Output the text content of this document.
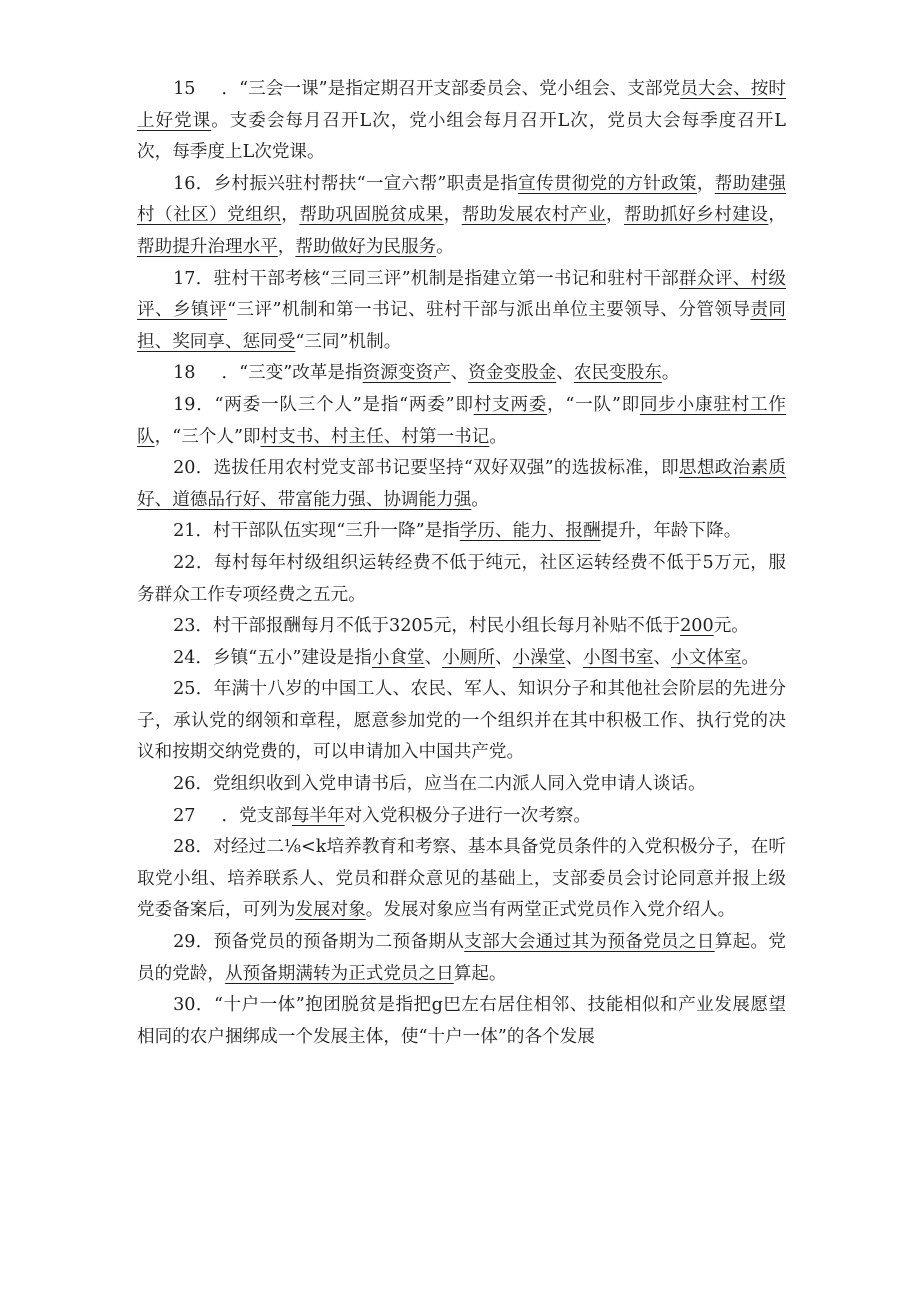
15 ．“三会一课”是指定期召开支部委员会、党小组会、支部党员大会、按时上好党课。支委会每月召开L次，党小组会每月召开L次，党员大会每季度召开L次，每季度上L次党课。

16．乡村振兴驻村帮扶“一宣六帮”职责是指宣传贯彻党的方针政策，帮助建强村（社区）党组织，帮助巩固脱贫成果，帮助发展农村产业，帮助抓好乡村建设，帮助提升治理水平，帮助做好为民服务。

17．驻村干部考核“三同三评”机制是指建立第一书记和驻村干部群众评、村级评、乡镇评“三评”机制和第一书记、驻村干部与派出单位主要领导、分管领导责同担、奖同享、惩同受“三同”机制。

18 ．“三变”改革是指资源变资产、资金变股金、农民变股东。

19．“两委一队三个人”是指“两委”即村支两委，“一队”即同步小康驻村工作队，“三个人”即村支书、村主任、村第一书记。

20．选拔任用农村党支部书记要坚持“双好双强”的选拔标准，即思想政治素质好、道德品行好、带富能力强、协调能力强。

21．村干部队伍实现“三升一降”是指学历、能力、报酬提升，年龄下降。

22．每村每年村级组织运转经费不低于纯元，社区运转经费不低于5万元，服务群众工作专项经费之五元。

23．村干部报酬每月不低于3205元，村民小组长每月补贴不低于200元。

24．乡镇“五小”建设是指小食堂、小厕所、小澡堂、小图书室、小文体室。

25．年满十八岁的中国工人、农民、军人、知识分子和其他社会阶层的先进分子，承认党的纲领和章程，愿意参加党的一个组织并在其中积极工作、执行党的决议和按期交纳党费的，可以申请加入中国共产党。

26．党组织收到入党申请书后，应当在二内派人同入党申请人谈话。

27 ．党支部每半年对入党积极分子进行一次考察。

28．对经过二⅛<k培养教育和考察、基本具备党员条件的入党积极分子，在听取党小组、培养联系人、党员和群众意见的基础上，支部委员会讨论同意并报上级党委备案后，可列为发展对象。发展对象应当有两堂正式党员作入党介绍人。

29．预备党员的预备期为二预备期从支部大会通过其为预备党员之日算起。党员的党龄，从预备期满转为正式党员之日算起。

30．“十户一体”抱团脱贫是指把g巴左右居住相邻、技能相似和产业发展愿望相同的农户捆绑成一个发展主体，使“十户一体”的各个发展
